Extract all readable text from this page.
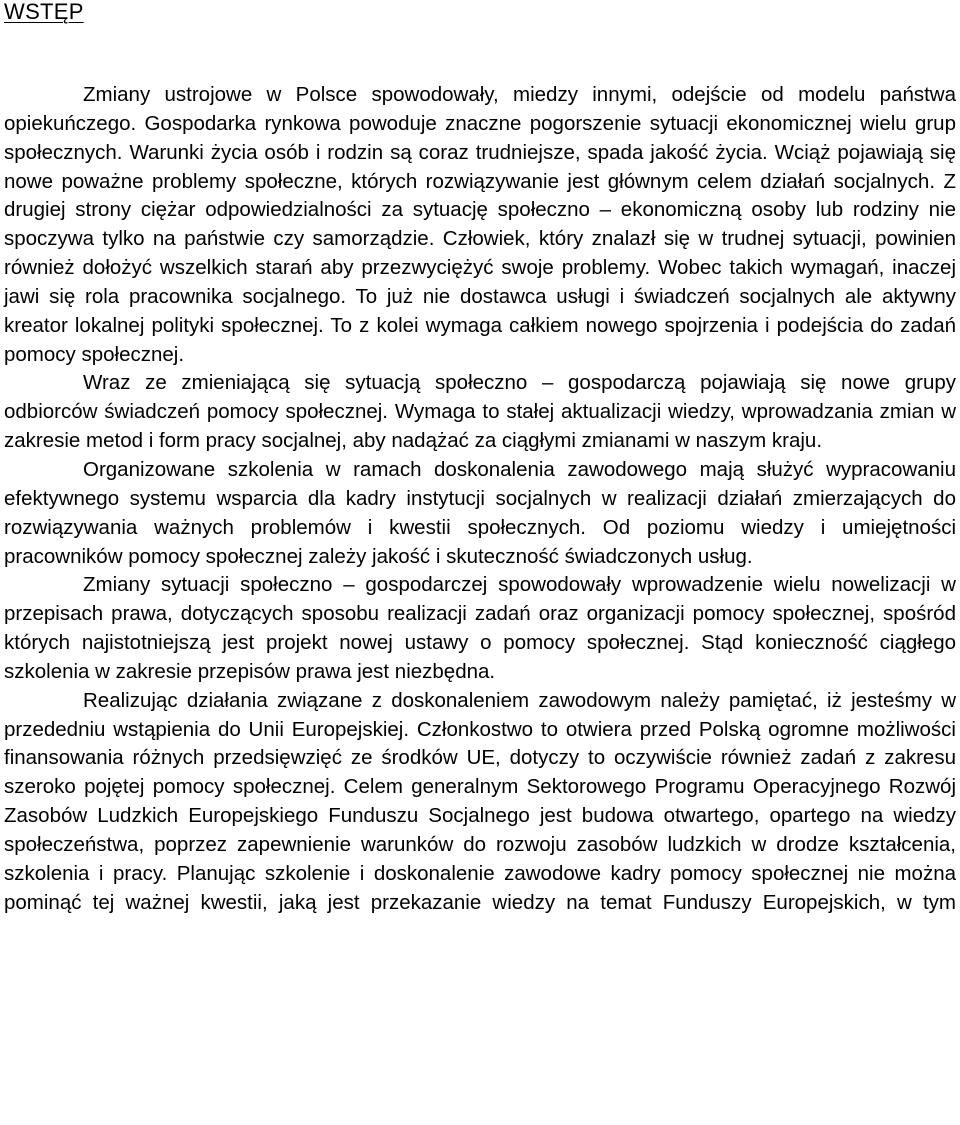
WSTĘP

Zmiany ustrojowe w Polsce spowodowały, miedzy innymi, odejście od modelu państwa opiekuńczego. Gospodarka rynkowa powoduje znaczne pogorszenie sytuacji ekonomicznej wielu grup społecznych. Warunki życia osób i rodzin są coraz trudniejsze, spada jakość życia. Wciąż pojawiają się nowe poważne problemy społeczne, których rozwiązywanie jest głównym celem działań socjalnych. Z drugiej strony ciężar odpowiedzialności za sytuację społeczno – ekonomiczną osoby lub rodziny nie spoczywa tylko na państwie czy samorządzie. Człowiek, który znalazł się w trudnej sytuacji, powinien również dołożyć wszelkich starań aby przezwyciężyć swoje problemy. Wobec takich wymagań, inaczej jawi się rola pracownika socjalnego. To już nie dostawca usługi i świadczeń socjalnych ale aktywny kreator lokalnej polityki społecznej. To z kolei wymaga całkiem nowego spojrzenia i podejścia do zadań pomocy społecznej.

Wraz ze zmieniającą się sytuacją społeczno – gospodarczą pojawiają się nowe grupy odbiorców świadczeń pomocy społecznej. Wymaga to stałej aktualizacji wiedzy, wprowadzania zmian w zakresie metod i form pracy socjalnej, aby nadążać za ciągłymi zmianami w naszym kraju.

Organizowane szkolenia w ramach doskonalenia zawodowego mają służyć wypracowaniu efektywnego systemu wsparcia dla kadry instytucji socjalnych w realizacji działań zmierzających do rozwiązywania ważnych problemów i kwestii społecznych. Od poziomu wiedzy i umiejętności pracowników pomocy społecznej zależy jakość i skuteczność świadczonych usług.

Zmiany sytuacji społeczno – gospodarczej spowodowały wprowadzenie wielu nowelizacji w przepisach prawa, dotyczących sposobu realizacji zadań oraz organizacji pomocy społecznej, spośród których najistotniejszą jest projekt nowej ustawy o pomocy społecznej. Stąd konieczność ciągłego szkolenia w zakresie przepisów prawa jest niezbędna.

Realizując działania związane z doskonaleniem zawodowym należy pamiętać, iż jesteśmy w przededniu wstąpienia do Unii Europejskiej. Członkostwo to otwiera przed Polską ogromne możliwości finansowania różnych przedsięwzięć ze środków UE, dotyczy to oczywiście również zadań z zakresu szeroko pojętej pomocy społecznej. Celem generalnym Sektorowego Programu Operacyjnego Rozwój Zasobów Ludzkich Europejskiego Funduszu Socjalnego jest budowa otwartego, opartego na wiedzy społeczeństwa, poprzez zapewnienie warunków do rozwoju zasobów ludzkich w drodze kształcenia, szkolenia i pracy. Planując szkolenie i doskonalenie zawodowe kadry pomocy społecznej nie można pominąć tej ważnej kwestii, jaką jest przekazanie wiedzy na temat Funduszy Europejskich, w tym
